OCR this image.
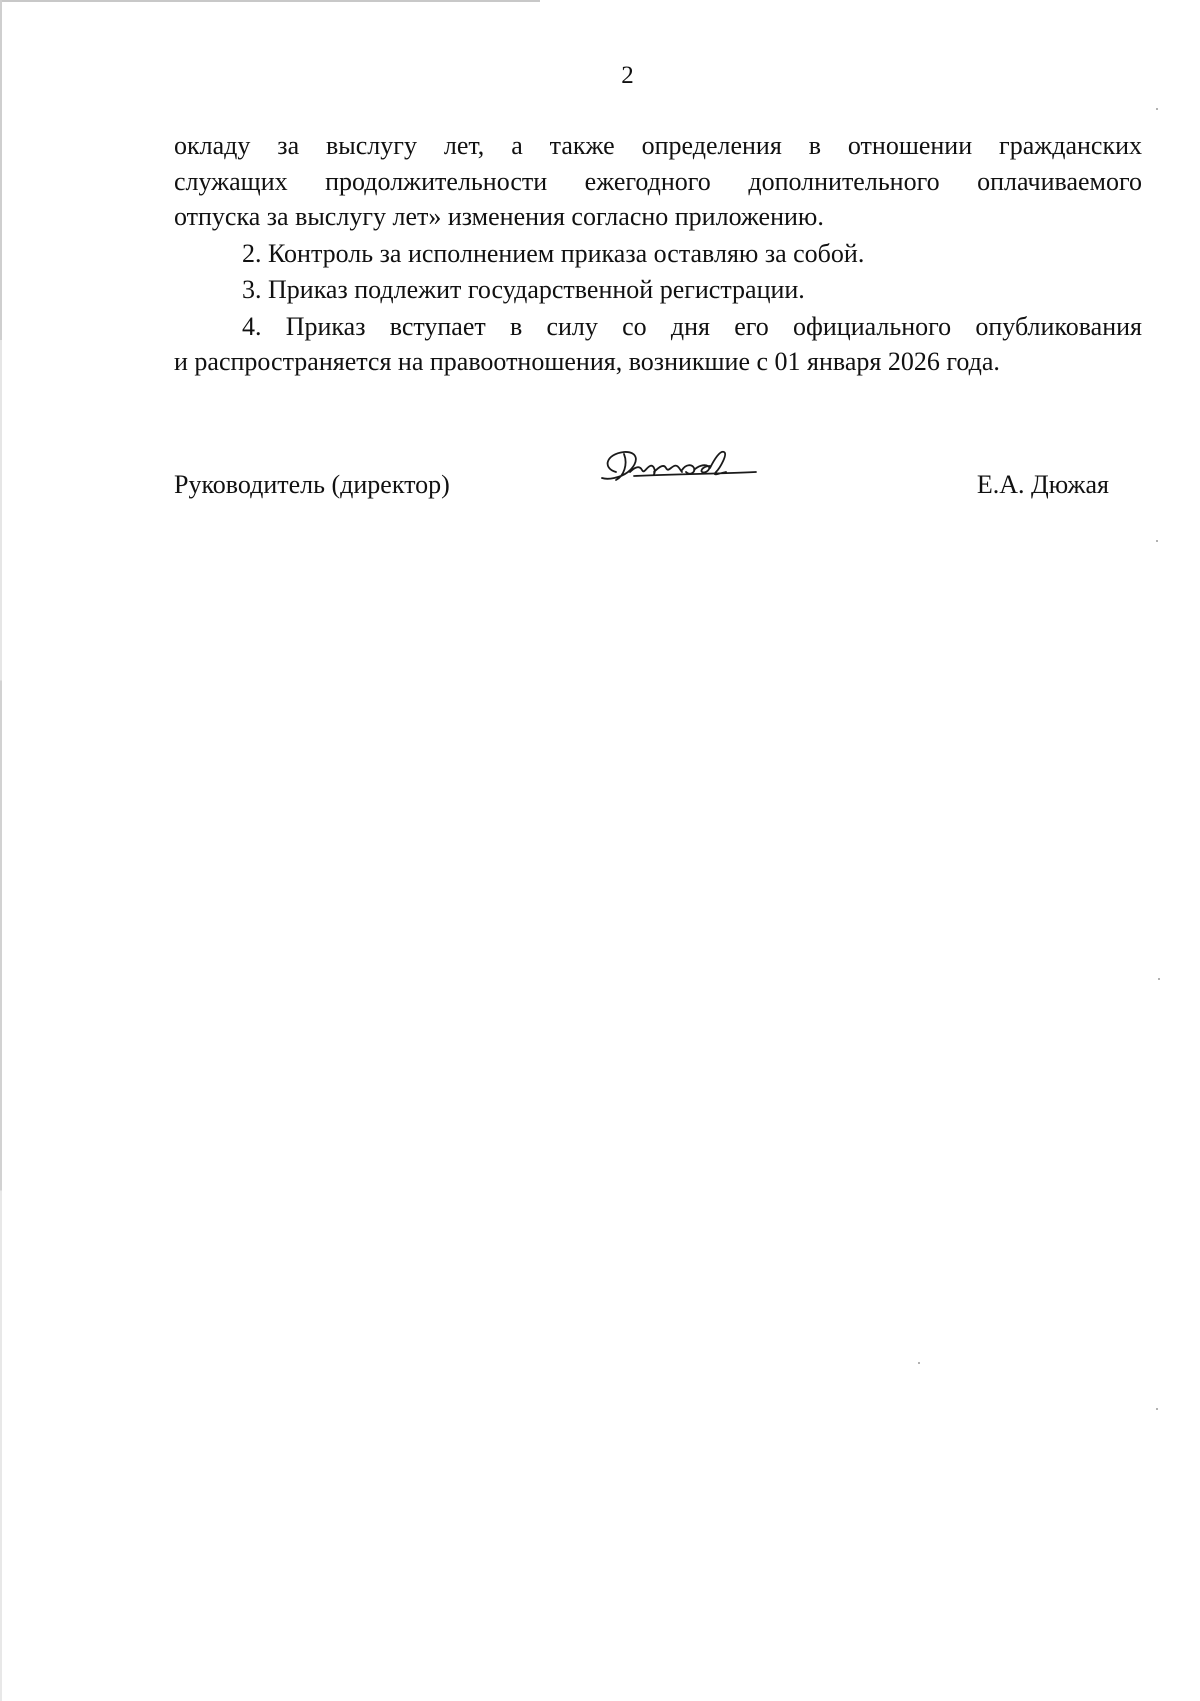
2

окладу за выслугу лет, а также определения в отношении гражданских
служащих продолжительности ежегодного дополнительного оплачиваемого
отпуска за выслугу лет» изменения согласно приложению.

2. Контроль за исполнением приказа оставляю за собой.

3. Приказ подлежит государственной регистрации.

4. Приказ вступает в силу со дня его официального опубликования
и распространяется на правоотношения, возникшие с 01 января 2026 года.

Руководитель (директор)	Е.А. Дюжая
